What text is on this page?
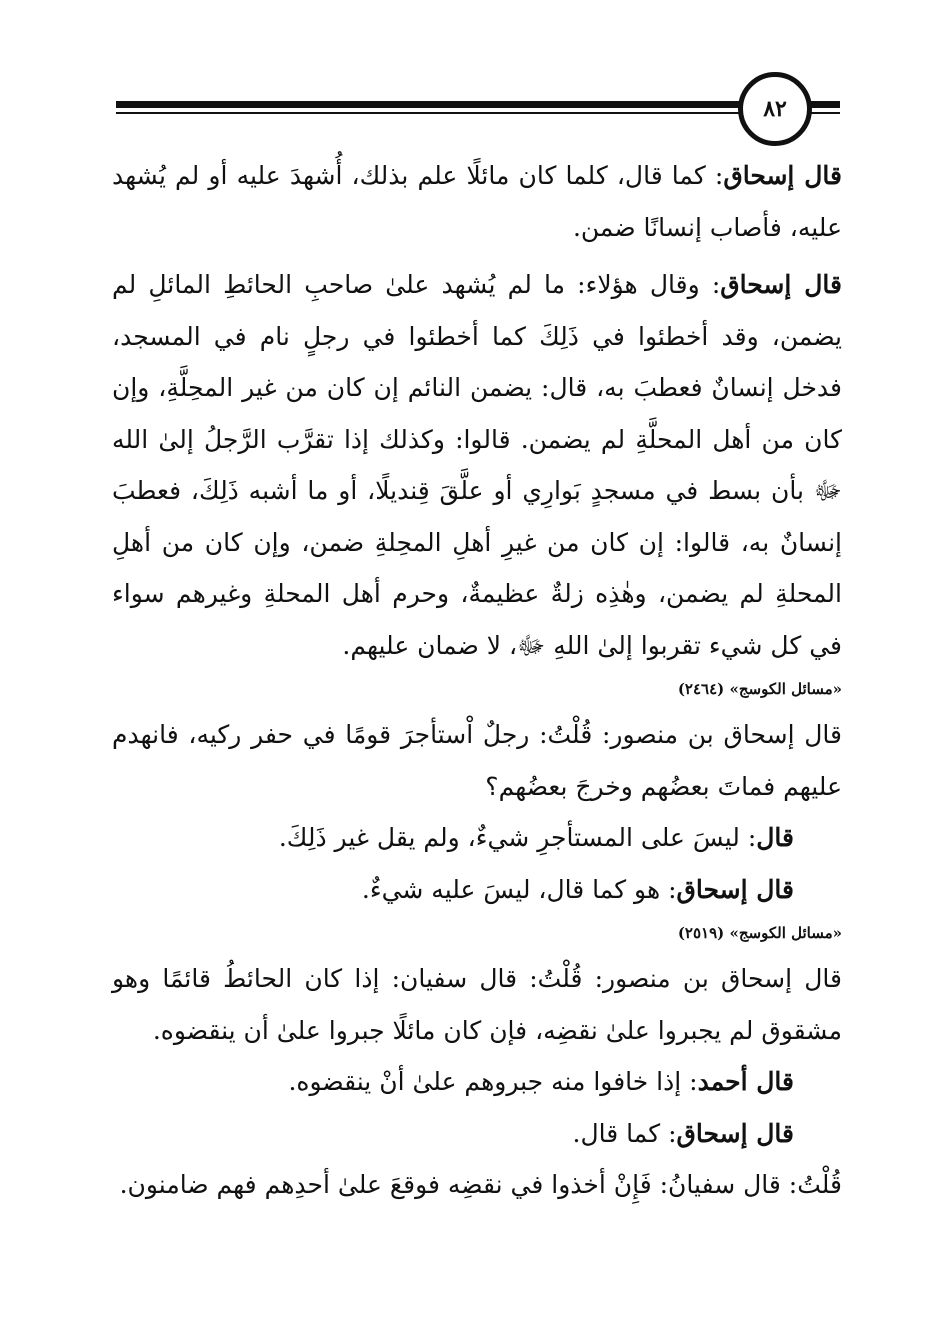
٨٢

قال إسحاق: كما قال، كلما كان مائلًا علم بذلك، أُشهدَ عليه أو لم يُشهد عليه، فأصاب إنسانًا ضمن.

قال إسحاق: وقال هؤلاء: ما لم يُشهد علىٰ صاحبِ الحائطِ المائلِ لم يضمن، وقد أخطئوا في ذَلِكَ كما أخطئوا في رجلٍ نام في المسجد، فدخل إنسانٌ فعطبَ به، قال: يضمن النائم إن كان من غير المحِلَّةِ، وإن كان من أهل المحلَّةِ لم يضمن. قالوا: وكذلك إذا تقرَّب الرَّجلُ إلىٰ الله ﷻ بأن بسط في مسجدٍ بَوارِي أو علَّقَ قِنديلًا، أو ما أشبه ذَلِكَ، فعطبَ إنسانٌ به، قالوا: إن كان من غيرِ أهلِ المحِلةِ ضمن، وإن كان من أهلِ المحلةِ لم يضمن، وهٰذِه زلةٌ عظيمةٌ، وحرم أهل المحلةِ وغيرهم سواء في كل شيء تقربوا إلىٰ اللهِ ﷻ، لا ضمان عليهم.

«مسائل الكوسج» (٢٤٦٤)

قال إسحاق بن منصور: قُلْتُ: رجلٌ اْستأجرَ قومًا في حفر ركيه، فانهدم عليهم فماتَ بعضُهم وخرجَ بعضُهم؟

قال: ليسَ على المستأجرِ شيءٌ، ولم يقل غير ذَلِكَ.

قال إسحاق: هو كما قال، ليسَ عليه شيءٌ.

«مسائل الكوسج» (٢٥١٩)

قال إسحاق بن منصور: قُلْتُ: قال سفيان: إذا كان الحائطُ قائمًا وهو مشقوق لم يجبروا علىٰ نقضِه، فإن كان مائلًا جبروا علىٰ أن ينقضوه.

قال أحمد: إذا خافوا منه جبروهم علىٰ أنْ ينقضوه.

قال إسحاق: كما قال.

قُلْتُ: قال سفيانُ: فَإِنْ أخذوا في نقضِه فوقعَ علىٰ أحدِهم فهم ضامنون.
